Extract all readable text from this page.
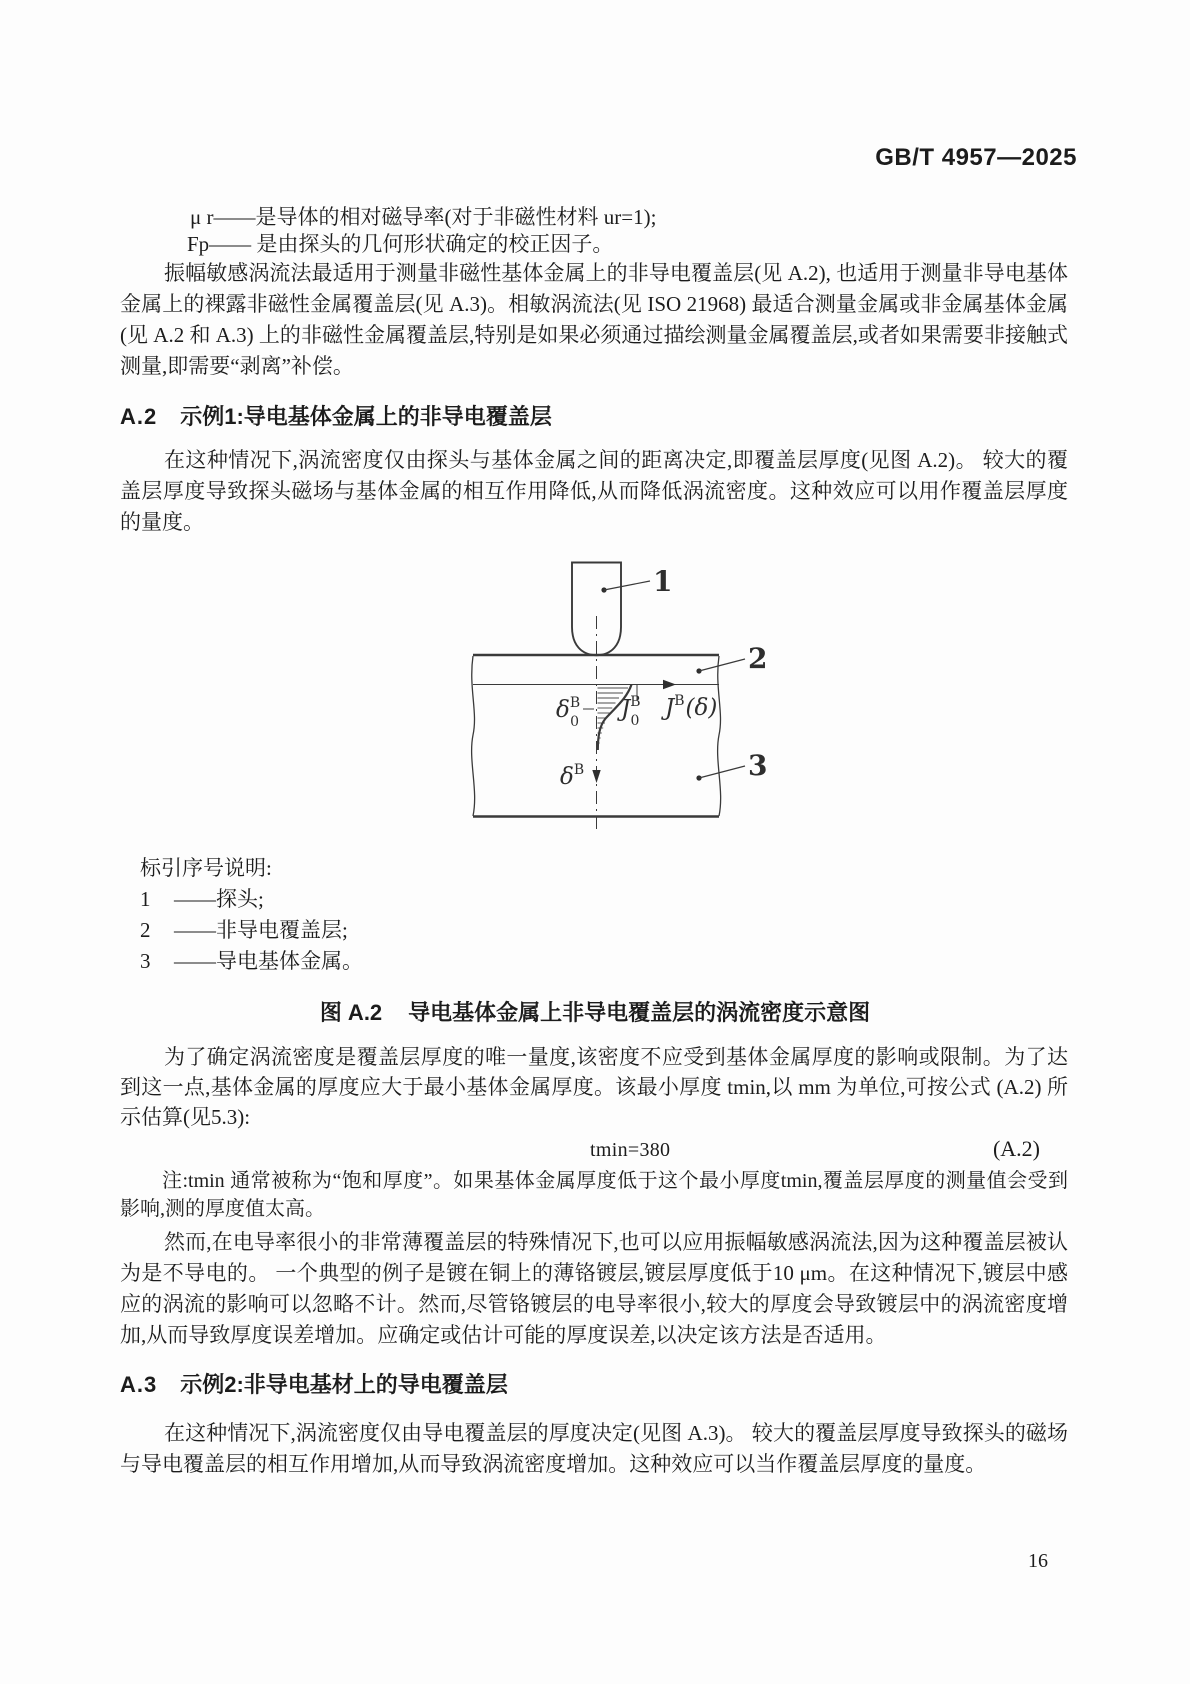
GB/T 4957—2025
μ r——是导体的相对磁导率(对于非磁性材料 ur=1);
Fp—— 是由探头的几何形状确定的校正因子。
振幅敏感涡流法最适用于测量非磁性基体金属上的非导电覆盖层(见 A.2), 也适用于测量非导电基体金属上的裸露非磁性金属覆盖层(见 A.3)。相敏涡流法(见 ISO 21968) 最适合测量金属或非金属基体金属(见 A.2 和 A.3) 上的非磁性金属覆盖层,特别是如果必须通过描绘测量金属覆盖层,或者如果需要非接触式测量,即需要“剥离”补偿。
A.2 示例1:导电基体金属上的非导电覆盖层
在这种情况下,涡流密度仅由探头与基体金属之间的距离决定,即覆盖层厚度(见图 A.2)。 较大的覆盖层厚度导致探头磁场与基体金属的相互作用降低,从而降低涡流密度。这种效应可以用作覆盖层厚度的量度。
1
2
3
$\delta^B$ 0 $J^B$ 0 $J^B(\delta)$
$\delta^B$
标引序号说明:
1 ——探头;
2 ——非导电覆盖层;
3 ——导电基体金属。
图 A.2 导电基体金属上非导电覆盖层的涡流密度示意图
为了确定涡流密度是覆盖层厚度的唯一量度,该密度不应受到基体金属厚度的影响或限制。为了达到这一点,基体金属的厚度应大于最小基体金属厚度。该最小厚度 tmin,以 mm 为单位,可按公式 (A.2) 所示估算(见5.3):
tmin=380	(A.2)
注:tmin 通常被称为“饱和厚度”。如果基体金属厚度低于这个最小厚度tmin,覆盖层厚度的测量值会受到影响,测的厚度值太高。
然而,在电导率很小的非常薄覆盖层的特殊情况下,也可以应用振幅敏感涡流法,因为这种覆盖层被认为是不导电的。 一个典型的例子是镀在铜上的薄铬镀层,镀层厚度低于10 μm。在这种情况下,镀层中感应的涡流的影响可以忽略不计。然而,尽管铬镀层的电导率很小,较大的厚度会导致镀层中的涡流密度增加,从而导致厚度误差增加。应确定或估计可能的厚度误差,以决定该方法是否适用。
A.3 示例2:非导电基材上的导电覆盖层
在这种情况下,涡流密度仅由导电覆盖层的厚度决定(见图 A.3)。 较大的覆盖层厚度导致探头的磁场与导电覆盖层的相互作用增加,从而导致涡流密度增加。这种效应可以当作覆盖层厚度的量度。
16
